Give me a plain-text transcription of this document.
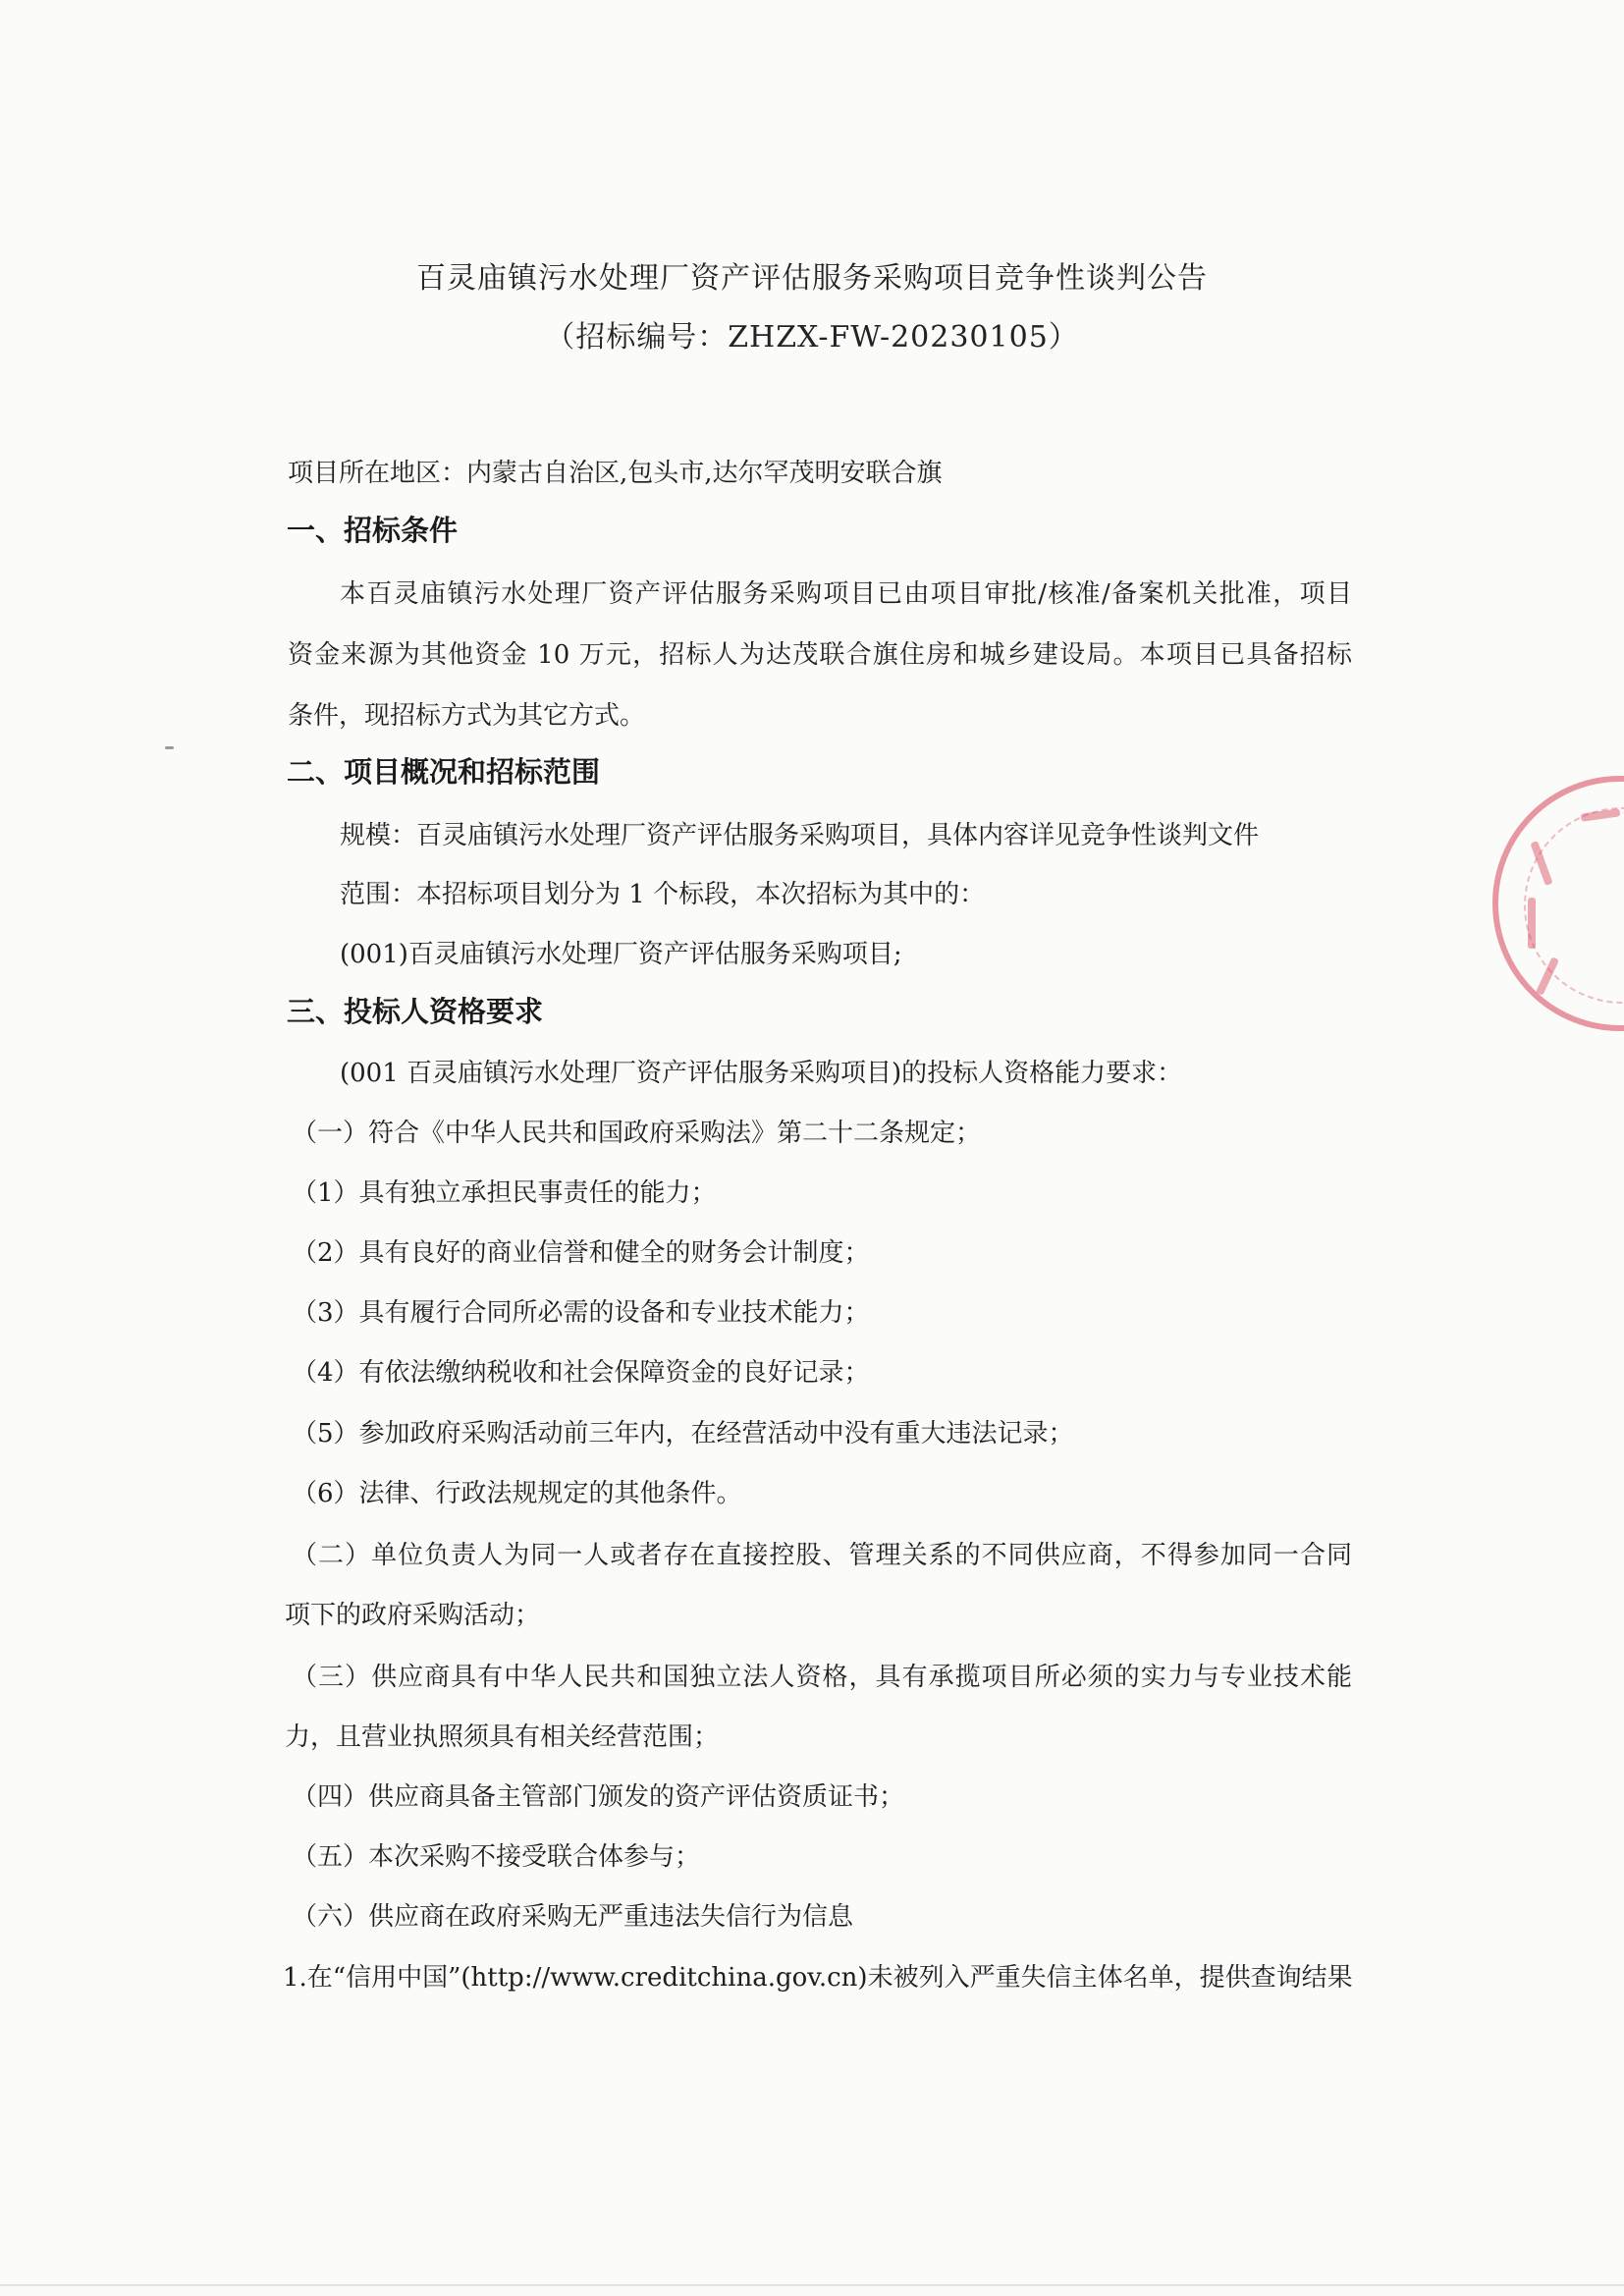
百灵庙镇污水处理厂资产评估服务采购项目竞争性谈判公告
（招标编号：ZHZX-FW-20230105）
项目所在地区：内蒙古自治区,包头市,达尔罕茂明安联合旗
一、招标条件
本百灵庙镇污水处理厂资产评估服务采购项目已由项目审批/核准/备案机关批准，项目
资金来源为其他资金 10 万元，招标人为达茂联合旗住房和城乡建设局。本项目已具备招标
条件，现招标方式为其它方式。
二、项目概况和招标范围
规模：百灵庙镇污水处理厂资产评估服务采购项目，具体内容详见竞争性谈判文件
范围：本招标项目划分为 1 个标段，本次招标为其中的：
(001)百灵庙镇污水处理厂资产评估服务采购项目;
三、投标人资格要求
(001 百灵庙镇污水处理厂资产评估服务采购项目)的投标人资格能力要求：
（一）符合《中华人民共和国政府采购法》第二十二条规定；
（1）具有独立承担民事责任的能力；
（2）具有良好的商业信誉和健全的财务会计制度；
（3）具有履行合同所必需的设备和专业技术能力；
（4）有依法缴纳税收和社会保障资金的良好记录；
（5）参加政府采购活动前三年内，在经营活动中没有重大违法记录；
（6）法律、行政法规规定的其他条件。
（二）单位负责人为同一人或者存在直接控股、管理关系的不同供应商，不得参加同一合同
项下的政府采购活动；
（三）供应商具有中华人民共和国独立法人资格，具有承揽项目所必须的实力与专业技术能
力，且营业执照须具有相关经营范围；
（四）供应商具备主管部门颁发的资产评估资质证书；
（五）本次采购不接受联合体参与；
（六）供应商在政府采购无严重违法失信行为信息
1.在“信用中国”(http://www.creditchina.gov.cn)未被列入严重失信主体名单，提供查询结果
